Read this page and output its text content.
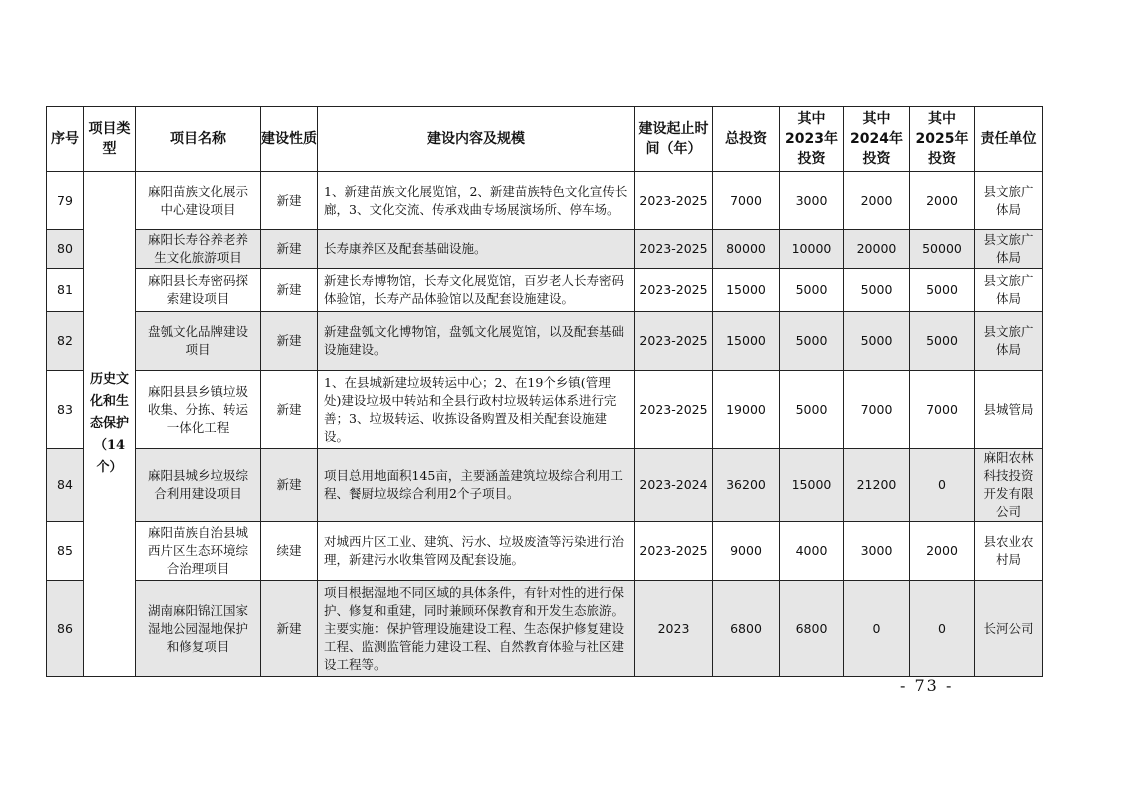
序号	项目类型	项目名称	建设性质	建设内容及规模	建设起止时间（年）	总投资	其中2023年投资	其中2024年投资	其中2025年投资	责任单位
79	历史文化和生态保护（14个）	麻阳苗族文化展示中心建设项目	新建	1、新建苗族文化展览馆，2、新建苗族特色文化宣传长廊，3、文化交流、传承戏曲专场展演场所、停车场。	2023-2025	7000	3000	2000	2000	县文旅广体局
80		麻阳长寿谷养老养生文化旅游项目	新建	长寿康养区及配套基础设施。	2023-2025	80000	10000	20000	50000	县文旅广体局
81		麻阳县长寿密码探索建设项目	新建	新建长寿博物馆，长寿文化展览馆，百岁老人长寿密码体验馆，长寿产品体验馆以及配套设施建设。	2023-2025	15000	5000	5000	5000	县文旅广体局
82		盘瓠文化品牌建设项目	新建	新建盘瓠文化博物馆，盘瓠文化展览馆，以及配套基础设施建设。	2023-2025	15000	5000	5000	5000	县文旅广体局
83		麻阳县县乡镇垃圾收集、分拣、转运一体化工程	新建	1、在县城新建垃圾转运中心；2、在19个乡镇(管理处)建设垃圾中转站和全县行政村垃圾转运体系进行完善；3、垃圾转运、收拣设备购置及相关配套设施建设。	2023-2025	19000	5000	7000	7000	县城管局
84		麻阳县城乡垃圾综合利用建设项目	新建	项目总用地面积145亩，主要涵盖建筑垃圾综合利用工程、餐厨垃圾综合利用2个子项目。	2023-2024	36200	15000	21200	0	麻阳农林科技投资开发有限公司
85		麻阳苗族自治县城西片区生态环境综合治理项目	续建	对城西片区工业、建筑、污水、垃圾废渣等污染进行治理，新建污水收集管网及配套设施。	2023-2025	9000	4000	3000	2000	县农业农村局
86		湖南麻阳锦江国家湿地公园湿地保护和修复项目	新建	项目根据湿地不同区域的具体条件，有针对性的进行保护、修复和重建，同时兼顾环保教育和开发生态旅游。主要实施：保护管理设施建设工程、生态保护修复建设工程、监测监管能力建设工程、自然教育体验与社区建设工程等。	2023	6800	6800	0	0	长河公司
- 73 -
